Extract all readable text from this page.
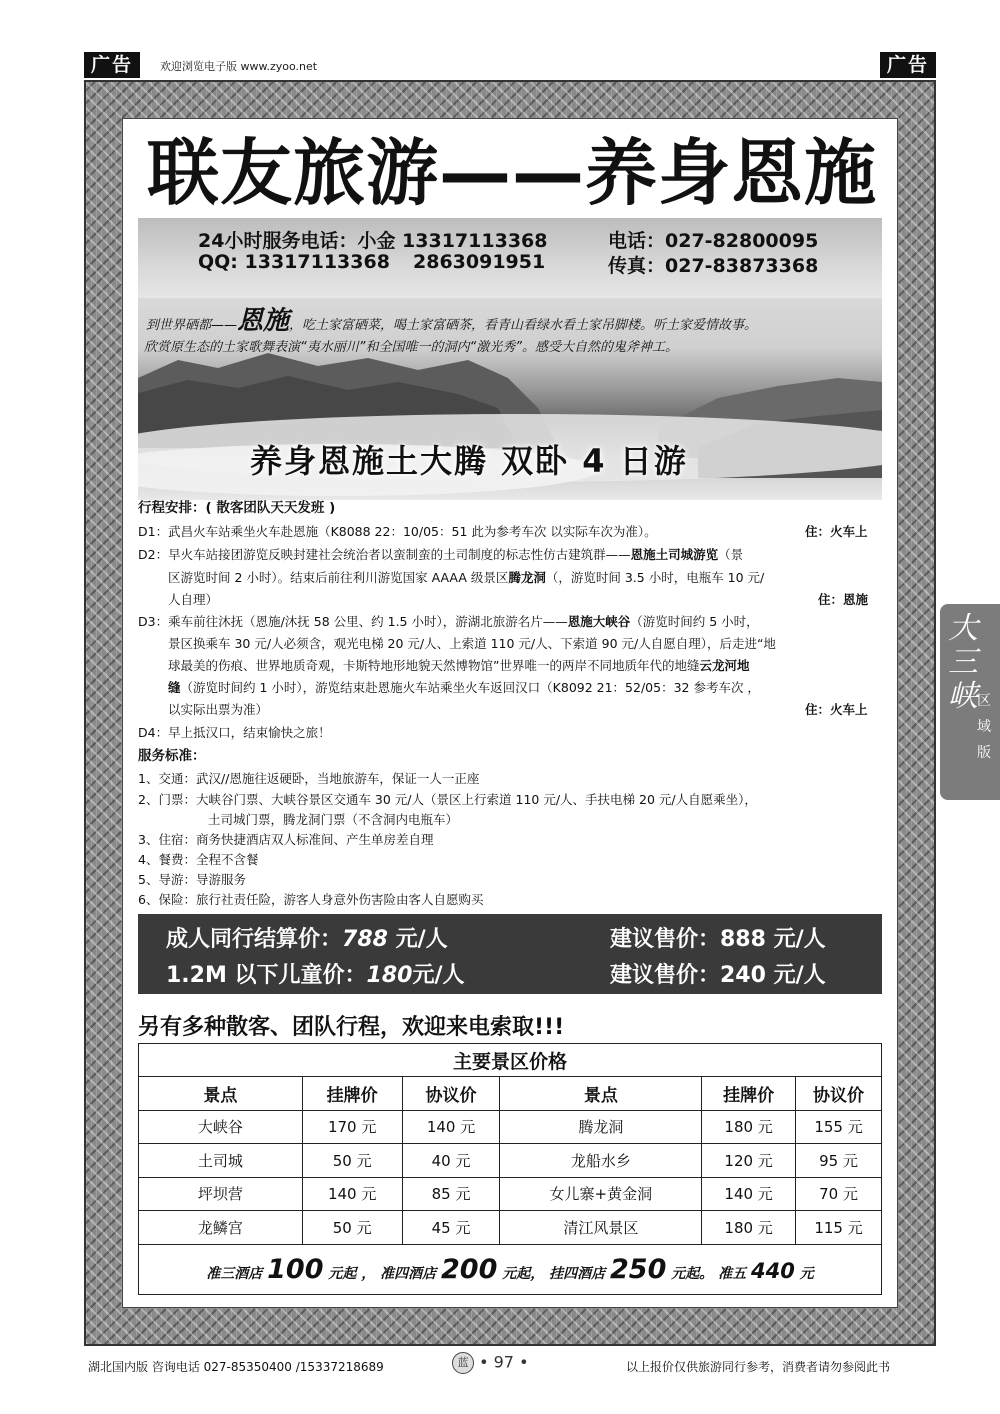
广告	欢迎浏览电子版 www.zyoo.net	广告
联友旅游——养身恩施
24小时服务电话：小金 13317113368	电话：027-82800095
QQ: 13317113368 2863091951	传真：027-83873368
到世界硒都——恩施，吃土家富硒菜，喝土家富硒茶，看青山看绿水看土家吊脚楼。听土家爱情故事。
欣赏原生态的土家歌舞表演“夷水丽川”和全国唯一的洞内“激光秀”。感受大自然的鬼斧神工。
养身恩施土大腾 双卧 4 日游
行程安排：( 散客团队天天发班 )
D1：武昌火车站乘坐火车赴恩施（K8088 22：10/05：51 此为参考车次 以实际车次为准）。	住：火车上
D2：早火车站接团游览反映封建社会统治者以蛮制蛮的土司制度的标志性仿古建筑群——恩施土司城游览（景
区游览时间 2 小时）。结束后前往利川游览国家 AAAA 级景区腾龙洞（，游览时间 3.5 小时，电瓶车 10 元/
人自理）	住：恩施
D3：乘车前往沐抚（恩施/沐抚 58 公里、约 1.5 小时），游湖北旅游名片——恩施大峡谷（游览时间约 5 小时，
景区换乘车 30 元/人必须含，观光电梯 20 元/人、上索道 110 元/人、下索道 90 元/人自愿自理），后走进“地
球最美的伤痕、世界地质奇观，卡斯特地形地貌天然博物馆”世界唯一的两岸不同地质年代的地缝云龙河地
缝（游览时间约 1 小时），游览结束赴恩施火车站乘坐火车返回汉口（K8092 21：52/05：32 参考车次 ，
以实际出票为准）	住：火车上
D4：早上抵汉口，结束愉快之旅！
服务标准：
1、交通：武汉//恩施往返硬卧，当地旅游车，保证一人一正座
2、门票：大峡谷门票、大峡谷景区交通车 30 元/人（景区上行索道 110 元/人、手扶电梯 20 元/人自愿乘坐），
土司城门票，腾龙洞门票（不含洞内电瓶车）
3、住宿：商务快捷酒店双人标准间、产生单房差自理
4、餐费：全程不含餐
5、导游：导游服务
6、保险：旅行社责任险，游客人身意外伤害险由客人自愿购买
成人同行结算价：788 元/人	建议售价：888 元/人
1.2M 以下儿童价：180元/人	建议售价：240 元/人
另有多种散客、团队行程，欢迎来电索取!!!
主要景区价格					
景点	挂牌价	协议价	景点	挂牌价	协议价
大峡谷	170 元	140 元	腾龙洞	180 元	155 元
土司城	50 元	40 元	龙船水乡	120 元	95 元
坪坝营	140 元	85 元	女儿寨+黄金洞	140 元	70 元
龙鳞宫	50 元	45 元	清江风景区	180 元	115 元
准三酒店 100 元起 ， 准四酒店 200 元起， 挂四酒店 250 元起。 准五 440 元					
湖北国内版 咨询电话 027-85350400 /15337218689	蓝 • 97 •	以上报价仅供旅游同行参考，消费者请勿参阅此书
大三峡 区域版
